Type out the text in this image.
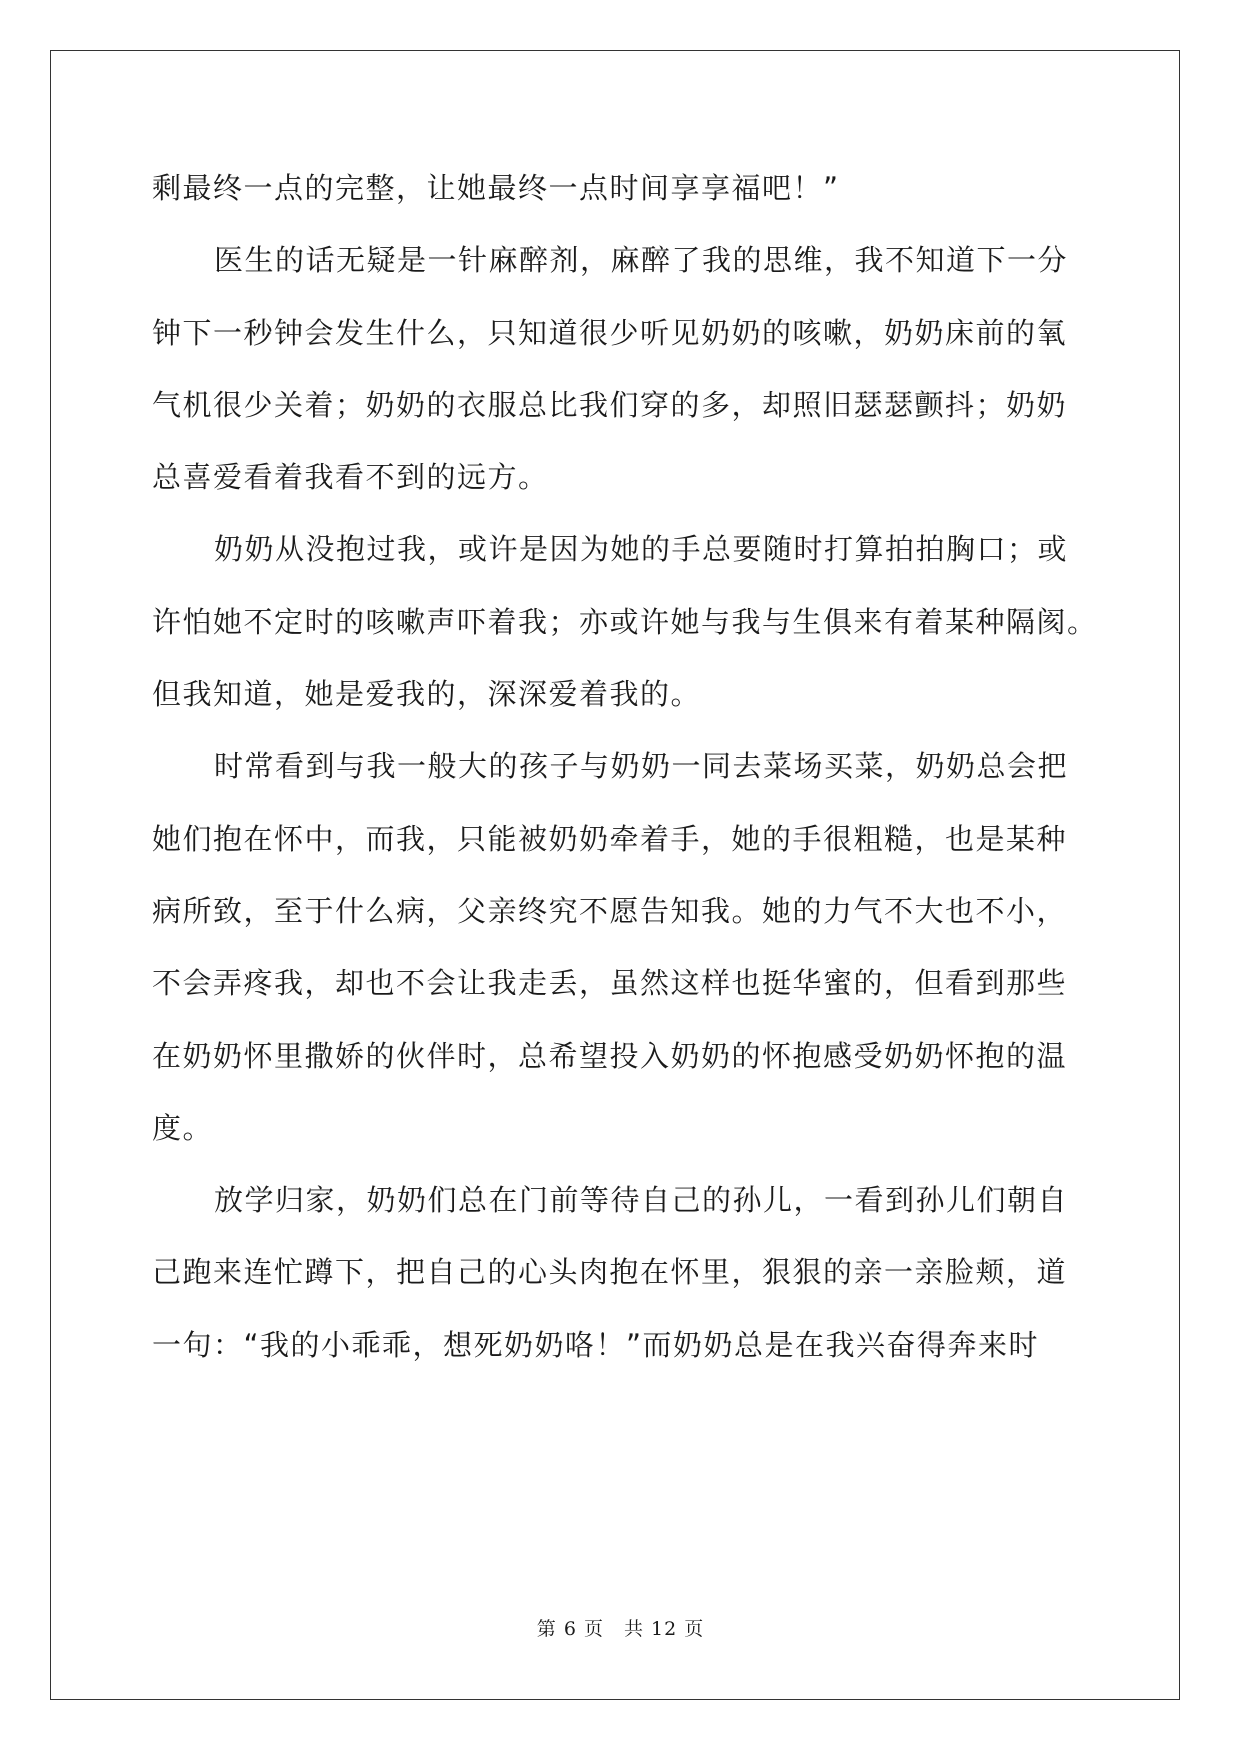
剩最终一点的完整，让她最终一点时间享享福吧！”
医生的话无疑是一针麻醉剂，麻醉了我的思维，我不知道下一分
钟下一秒钟会发生什么，只知道很少听见奶奶的咳嗽，奶奶床前的氧
气机很少关着；奶奶的衣服总比我们穿的多，却照旧瑟瑟颤抖；奶奶
总喜爱看着我看不到的远方。
奶奶从没抱过我，或许是因为她的手总要随时打算拍拍胸口；或
许怕她不定时的咳嗽声吓着我；亦或许她与我与生俱来有着某种隔阂。
但我知道，她是爱我的，深深爱着我的。
时常看到与我一般大的孩子与奶奶一同去菜场买菜，奶奶总会把
她们抱在怀中，而我，只能被奶奶牵着手，她的手很粗糙，也是某种
病所致，至于什么病，父亲终究不愿告知我。她的力气不大也不小，
不会弄疼我，却也不会让我走丢，虽然这样也挺华蜜的，但看到那些
在奶奶怀里撒娇的伙伴时，总希望投入奶奶的怀抱感受奶奶怀抱的温
度。
放学归家，奶奶们总在门前等待自己的孙儿，一看到孙儿们朝自
己跑来连忙蹲下，把自己的心头肉抱在怀里，狠狠的亲一亲脸颊，道
一句：“我的小乖乖，想死奶奶咯！”而奶奶总是在我兴奋得奔来时
第 6 页　共 12 页
